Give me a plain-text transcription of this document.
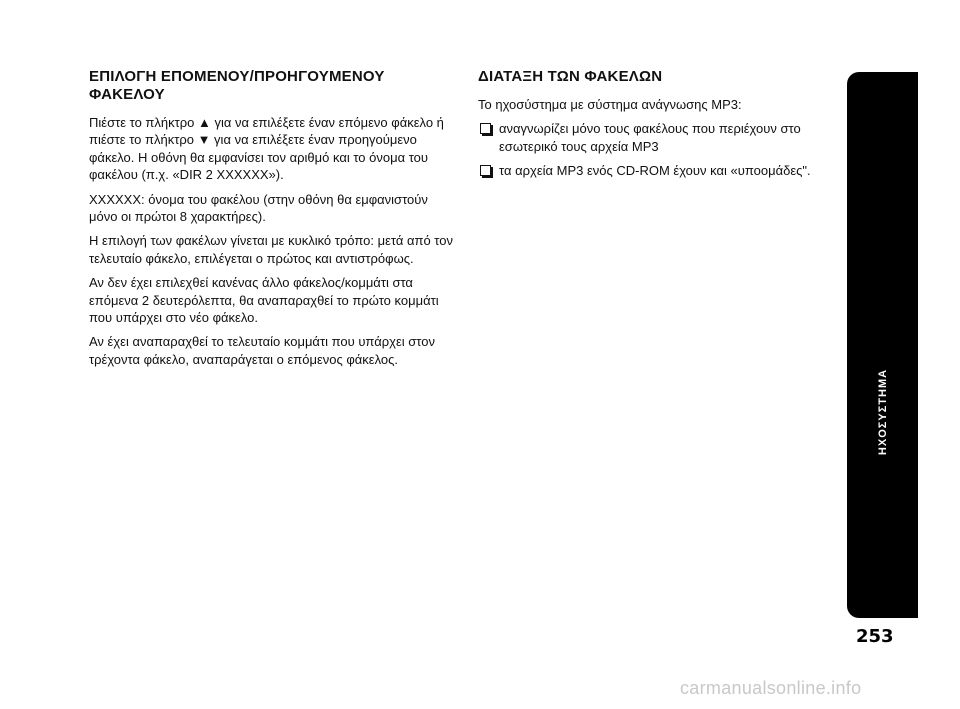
ΕΠΙΛΟΓΗ ΕΠΟΜΕΝΟΥ/ΠΡΟΗΓΟΥΜΕΝΟΥ ΦΑΚΕΛΟΥ

Πιέστε το πλήκτρο ▲ για να επιλέξετε έναν επόμενο φάκελο ή πιέστε το πλήκτρο ▼ για να επιλέξετε έναν προηγούμενο φάκελο. Η οθόνη θα εμφανίσει τον αριθμό και το όνομα του φακέλου (π.χ. «DIR 2 XXXXXX»).

XXXXXX: όνομα του φακέλου (στην οθόνη θα εμφανιστούν μόνο οι πρώτοι 8 χαρακτήρες).

Η επιλογή των φακέλων γίνεται με κυκλικό τρόπο: μετά από τον τελευταίο φάκελο, επιλέγεται ο πρώτος και αντιστρόφως.

Αν δεν έχει επιλεχθεί κανένας άλλο φάκελος/κομμάτι στα επόμενα 2 δευτερόλεπτα, θα αναπαραχθεί το πρώτο κομμάτι που υπάρχει στο νέο φάκελο.

Αν έχει αναπαραχθεί το τελευταίο κομμάτι που υπάρχει στον τρέχοντα φάκελο, αναπαράγεται ο επόμενος φάκελος.

ΔΙΑΤΑΞΗ ΤΩΝ ΦΑΚΕΛΩΝ

Το ηχοσύστημα με σύστημα ανάγνωσης MP3:

αναγνωρίζει μόνο τους φακέλους που περιέχουν στο εσωτερικό τους αρχεία MP3
τα αρχεία MP3 ενός CD-ROM έχουν και «υποομάδες".
ΗΧΟΣΥΣΤΗΜΑ
253
carmanualsonline.info
